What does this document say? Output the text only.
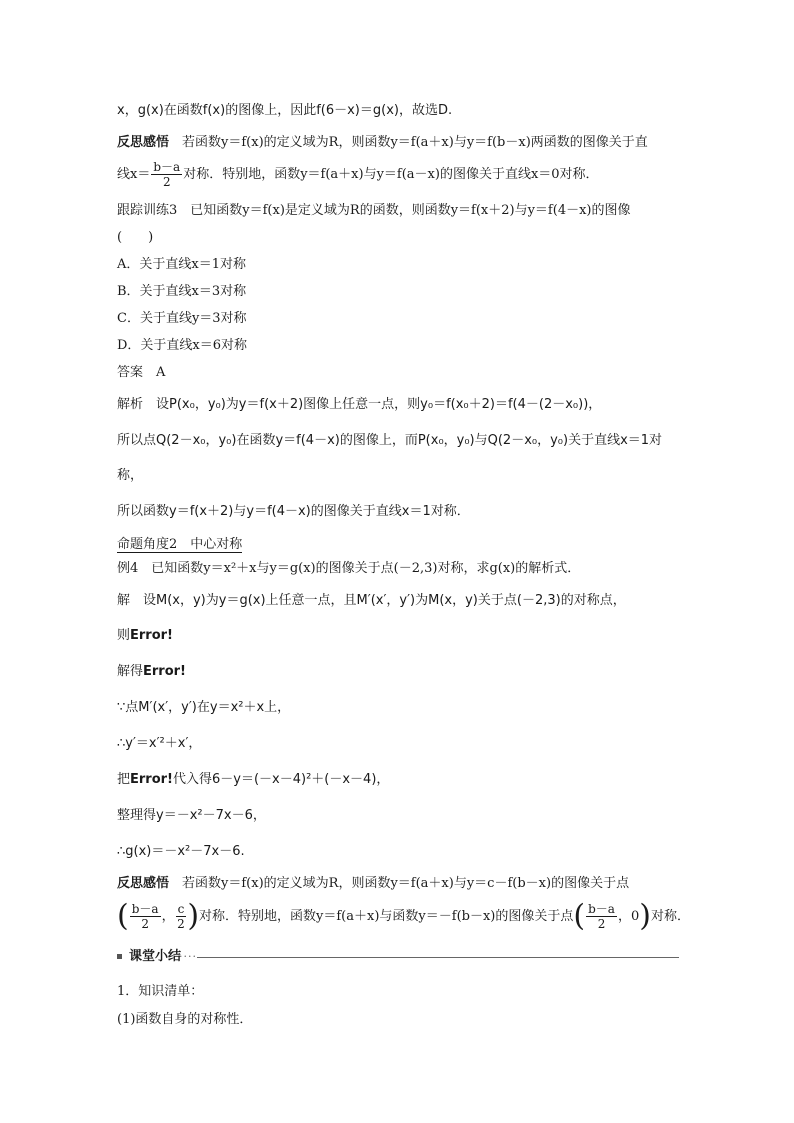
x，g(x)在函数f(x)的图像上，因此f(6－x)＝g(x)，故选D.
反思感悟　 若函数y＝f(x)的定义域为R，则函数y＝f(a＋x)与y＝f(b－x)两函数的图像关于直
线$x= \frac{b-a}{2}$ 对称．特别地，函数y＝f(a＋x)与y＝f(a－x)的图像关于直线x＝0对称．
跟踪训练3　已知函数y＝f(x)是定义域为R的函数，则函数y＝f(x＋2)与y＝f(4－x)的图像
(　　)
A．关于直线x＝1对称
B．关于直线x＝3对称
C．关于直线y＝3对称
D．关于直线x＝6对称
答案　A
解析　设P(x₀，y₀)为y＝f(x＋2)图像上任意一点，则y₀＝f(x₀＋2)＝f(4－(2－x₀))，
所以点Q(2－x₀，y₀)在函数y＝f(4－x)的图像上，而P(x₀，y₀)与Q(2－x₀，y₀)关于直线x＝1对
称，
所以函数y＝f(x＋2)与y＝f(4－x)的图像关于直线x＝1对称．
命题角度2　中心对称
例4　已知函数y＝x²＋x与y＝g(x)的图像关于点(－2,3)对称，求g(x)的解析式．
解　设M(x，y)为y＝g(x)上任意一点，且M′(x′，y′)为M(x，y)关于点(－2,3)的对称点，
则Error!
解得Error!
∵点M′(x′，y′)在y＝x²＋x上，
∴y′＝x′²＋x′，
把Error!代入得6－y＝(－x－4)²＋(－x－4)，
整理得y＝－x²－7x－6，
∴g(x)＝－x²－7x－6.
反思感悟　 若函数y＝f(x)的定义域为R，则函数y＝f(a＋x)与y＝c－f(b－x)的图像关于点
( $\frac{b-a}{2}$ ， $\frac{c}{2}$ )对称．特别地，函数y＝f(a＋x)与函数y＝－f(b－x)的图像关于点( $\frac{b-a}{2}$ ，0)对称．
课堂小结
····
1．知识清单：
(1)函数自身的对称性．
